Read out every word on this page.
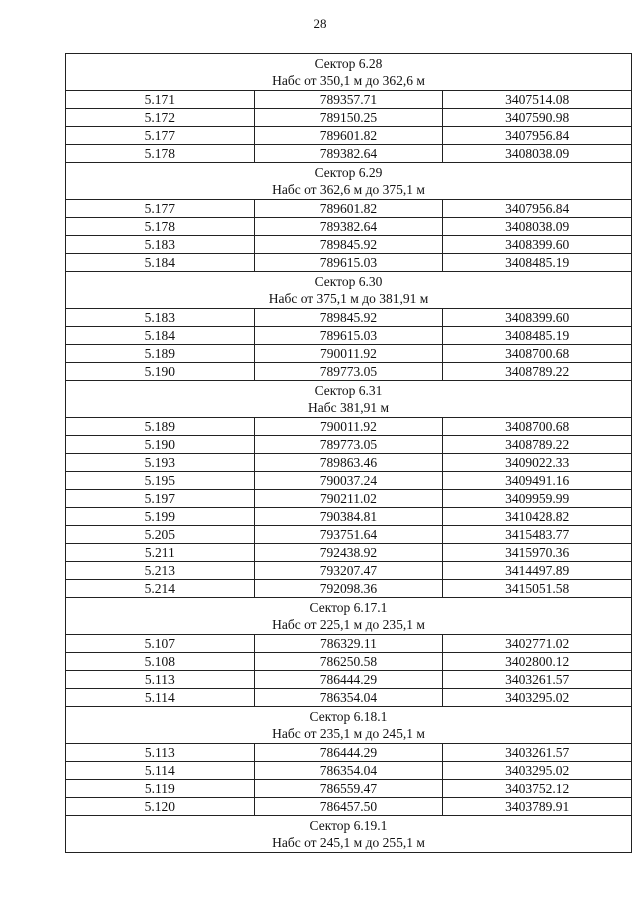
28
Сектор 6.28
Набс от 350,1 м до 362,6 м		

5.171	789357.71	3407514.08
5.172	789150.25	3407590.98
5.177	789601.82	3407956.84
5.178	789382.64	3408038.09

Сектор 6.29
Набс от 362,6 м до 375,1 м		

5.177	789601.82	3407956.84
5.178	789382.64	3408038.09
5.183	789845.92	3408399.60
5.184	789615.03	3408485.19

Сектор 6.30
Набс от 375,1 м до 381,91 м		

5.183	789845.92	3408399.60
5.184	789615.03	3408485.19
5.189	790011.92	3408700.68
5.190	789773.05	3408789.22

Сектор 6.31
Набс 381,91 м		

5.189	790011.92	3408700.68
5.190	789773.05	3408789.22
5.193	789863.46	3409022.33
5.195	790037.24	3409491.16
5.197	790211.02	3409959.99
5.199	790384.81	3410428.82
5.205	793751.64	3415483.77
5.211	792438.92	3415970.36
5.213	793207.47	3414497.89
5.214	792098.36	3415051.58

Сектор 6.17.1
Набс от 225,1 м до 235,1 м		

5.107	786329.11	3402771.02
5.108	786250.58	3402800.12
5.113	786444.29	3403261.57
5.114	786354.04	3403295.02

Сектор 6.18.1
Набс от 235,1 м до 245,1 м		

5.113	786444.29	3403261.57
5.114	786354.04	3403295.02
5.119	786559.47	3403752.12
5.120	786457.50	3403789.91

Сектор 6.19.1
Набс от 245,1 м до 255,1 м		
